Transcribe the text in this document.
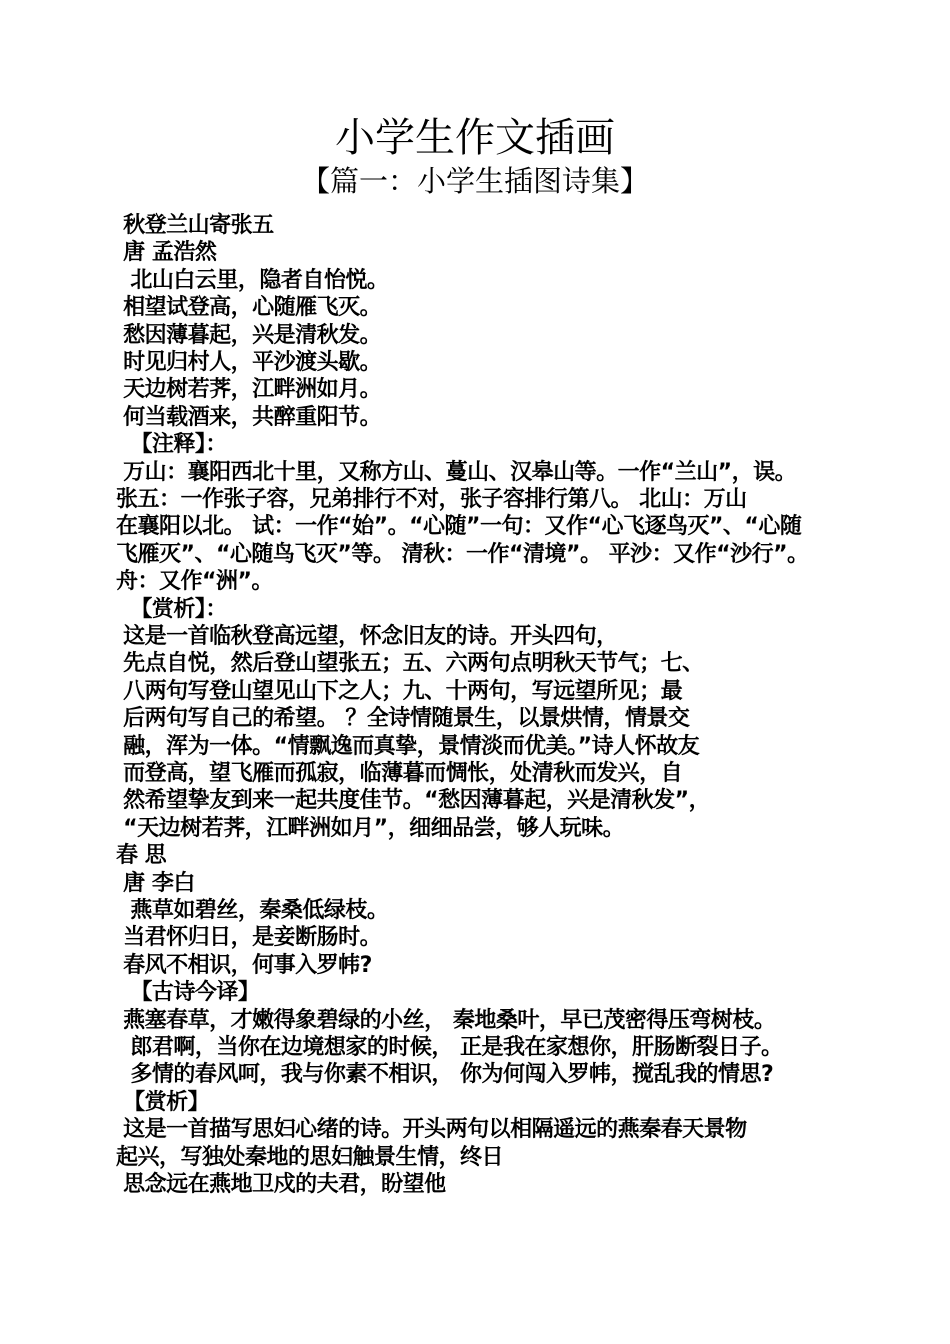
小学生作文插画
【篇一：小学生插图诗集】
秋登兰山寄张五
唐 孟浩然
北山白云里，隐者自怡悦。
相望试登高，心随雁飞灭。
愁因薄暮起，兴是清秋发。
时见归村人，平沙渡头歇。
天边树若荠，江畔洲如月。
何当载酒来，共醉重阳节。
【注释】：
万山：襄阳西北十里，又称方山、蔓山、汉皋山等。一作“兰山”，误。
张五：一作张子容，兄弟排行不对，张子容排行第八。 北山：万山
在襄阳以北。 试：一作“始”。“心随”一句：又作“心飞逐鸟灭”、“心随
飞雁灭”、“心随鸟飞灭”等。 清秋：一作“清境”。 平沙：又作“沙行”。
舟：又作“洲”。
【赏析】：
这是一首临秋登高远望，怀念旧友的诗。开头四句，
先点自悦，然后登山望张五；五、六两句点明秋天节气；七、
八两句写登山望见山下之人；九、十两句，写远望所见；最
后两句写自己的希望。 ？全诗情随景生，以景烘情，情景交
融，浑为一体。“情飘逸而真挚，景情淡而优美。”诗人怀故友
而登高，望飞雁而孤寂，临薄暮而惆怅，处清秋而发兴，自
然希望挚友到来一起共度佳节。“愁因薄暮起，兴是清秋发”，
“天边树若荠，江畔洲如月”，细细品尝，够人玩味。
春 思
唐 李白
燕草如碧丝，秦桑低绿枝。
当君怀归日，是妾断肠时。
春风不相识，何事入罗帏?
【古诗今译】
燕塞春草，才嫩得象碧绿的小丝， 秦地桑叶，早已茂密得压弯树枝。
郎君啊，当你在边境想家的时候， 正是我在家想你，肝肠断裂日子。
多情的春风呵，我与你素不相识， 你为何闯入罗帏，搅乱我的情思?
【赏析】
这是一首描写思妇心绪的诗。开头两句以相隔遥远的燕秦春天景物
起兴，写独处秦地的思妇触景生情，终日
思念远在燕地卫戍的夫君，盼望他
